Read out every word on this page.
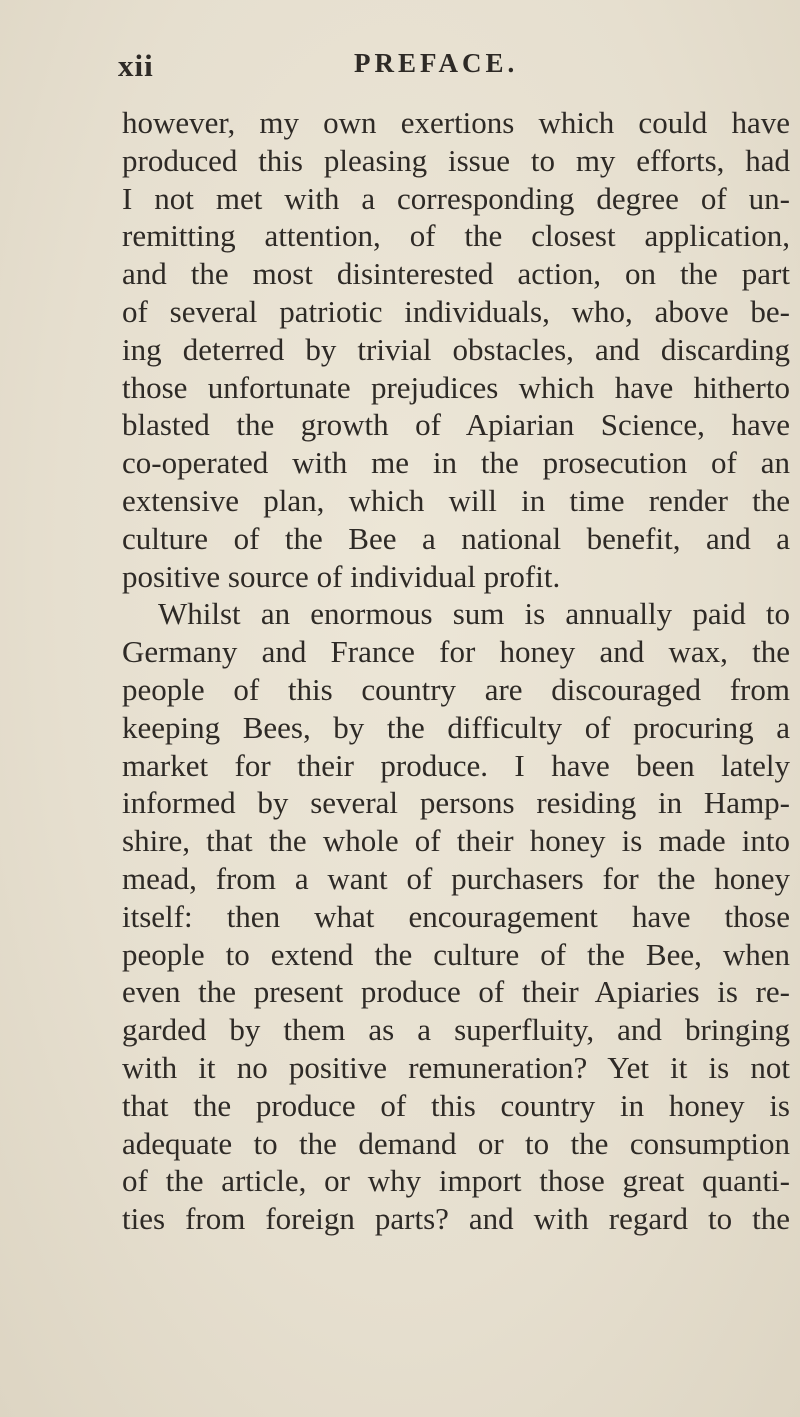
xii	PREFACE.
however, my own exertions which could have
produced this pleasing issue to my efforts, had
I not met with a corresponding degree of un-
remitting attention, of the closest application,
and the most disinterested action, on the part
of several patriotic individuals, who, above be-
ing deterred by trivial obstacles, and discarding
those unfortunate prejudices which have hitherto
blasted the growth of Apiarian Science, have
co-operated with me in the prosecution of an
extensive plan, which will in time render the
culture of the Bee a national benefit, and a
positive source of individual profit.
Whilst an enormous sum is annually paid to
Germany and France for honey and wax, the
people of this country are discouraged from
keeping Bees, by the difficulty of procuring a
market for their produce. I have been lately
informed by several persons residing in Hamp-
shire, that the whole of their honey is made into
mead, from a want of purchasers for the honey
itself: then what encouragement have those
people to extend the culture of the Bee, when
even the present produce of their Apiaries is re-
garded by them as a superfluity, and bringing
with it no positive remuneration? Yet it is not
that the produce of this country in honey is
adequate to the demand or to the consumption
of the article, or why import those great quanti-
ties from foreign parts? and with regard to the
